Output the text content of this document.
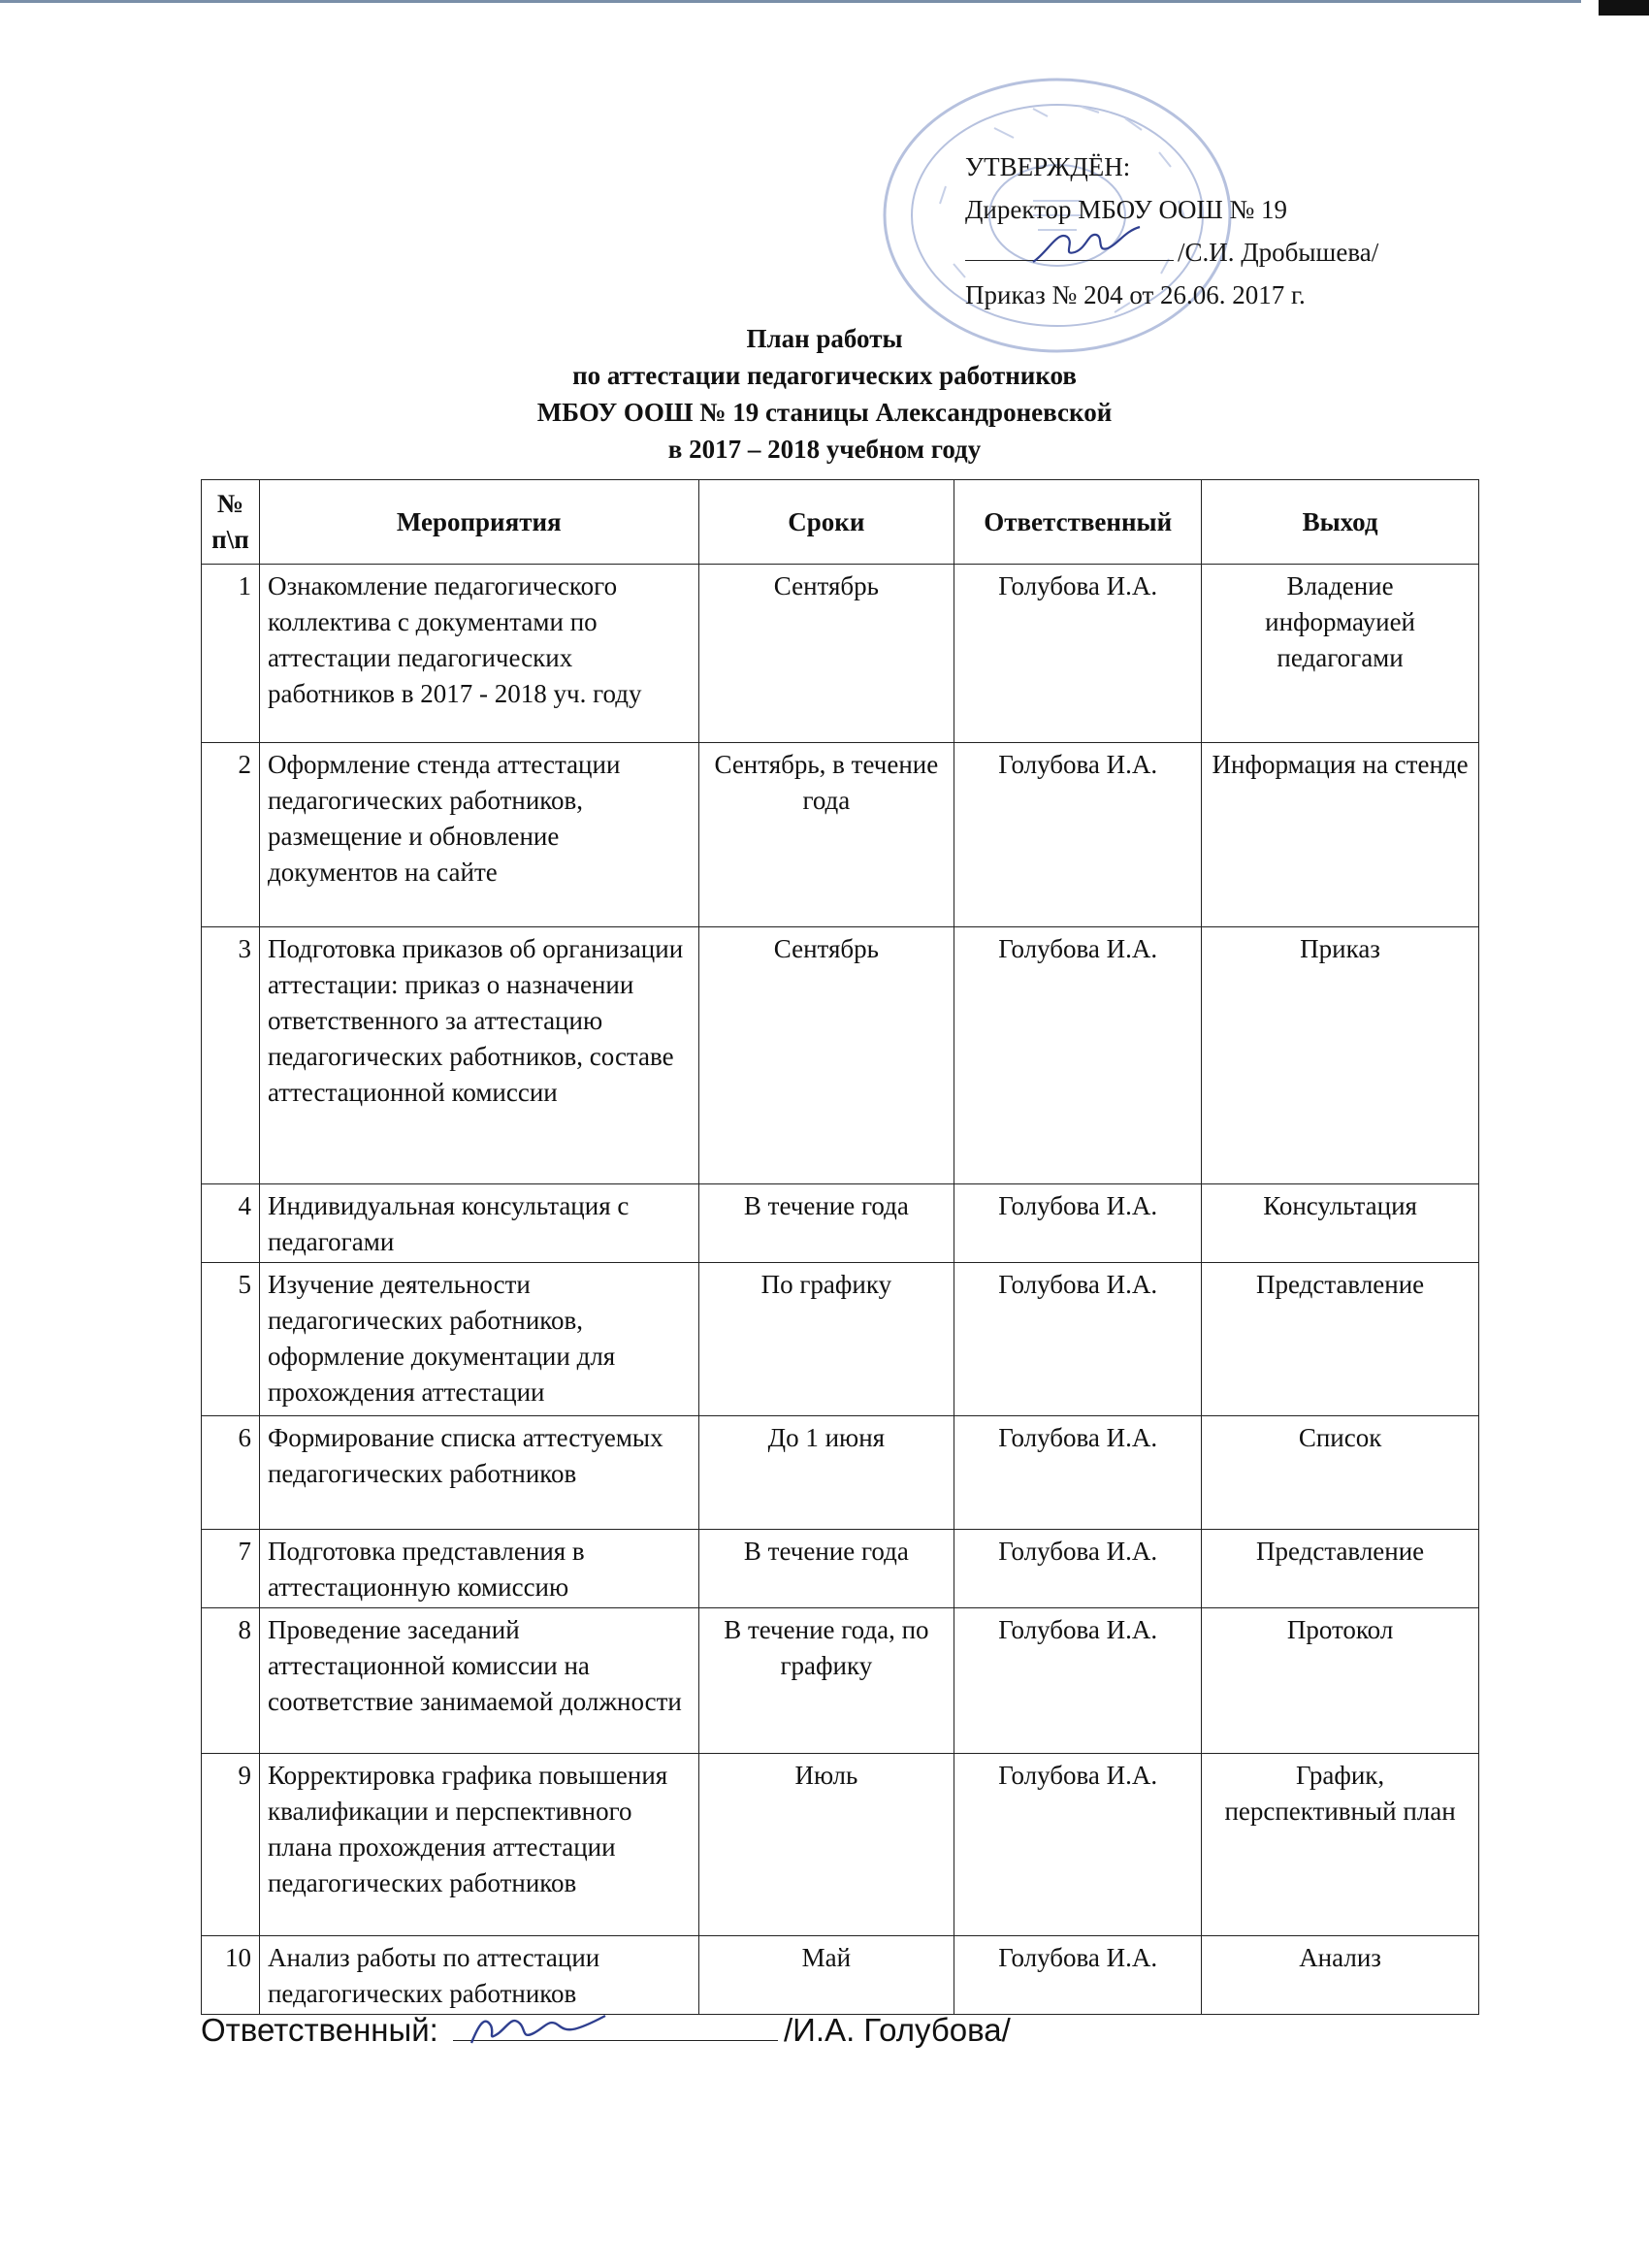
УТВЕРЖДЁН:
Директор МБОУ ООШ № 19
/С.И. Дробышева/
Приказ № 204 от 26.06. 2017 г.
План работы
по аттестации педагогических работников
МБОУ ООШ № 19 станицы Александроневской
в 2017 – 2018 учебном году
№ п\п	Мероприятия	Сроки	Ответственный	Выход
1	Ознакомление педагогического коллектива с документами по аттестации педагогических работников в 2017 - 2018 уч. году	Сентябрь	Голубова И.А.	Владение информауией педагогами
2	Оформление стенда аттестации педагогических работников, размещение и обновление документов на сайте	Сентябрь, в течение года	Голубова И.А.	Информация на стенде
3	Подготовка приказов об организации аттестации: приказ о назначении ответственного за аттестацию педагогических работников, составе аттестационной комиссии	Сентябрь	Голубова И.А.	Приказ
4	Индивидуальная консультация с педагогами	В течение года	Голубова И.А.	Консультация
5	Изучение деятельности педагогических работников, оформление документации для прохождения аттестации	По графику	Голубова И.А.	Представление
6	Формирование списка аттестуемых педагогических работников	До 1 июня	Голубова И.А.	Список
7	Подготовка представления в аттестационную комиссию	В течение года	Голубова И.А.	Представление
8	Проведение заседаний аттестационной комиссии на соответствие занимаемой должности	В течение года, по графику	Голубова И.А.	Протокол
9	Корректировка графика повышения квалификации и перспективного плана прохождения аттестации педагогических работников	Июль	Голубова И.А.	График, перспективный план
10	Анализ работы по аттестации педагогических работников	Май	Голубова И.А.	Анализ
Ответственный:	/И.А. Голубова/
